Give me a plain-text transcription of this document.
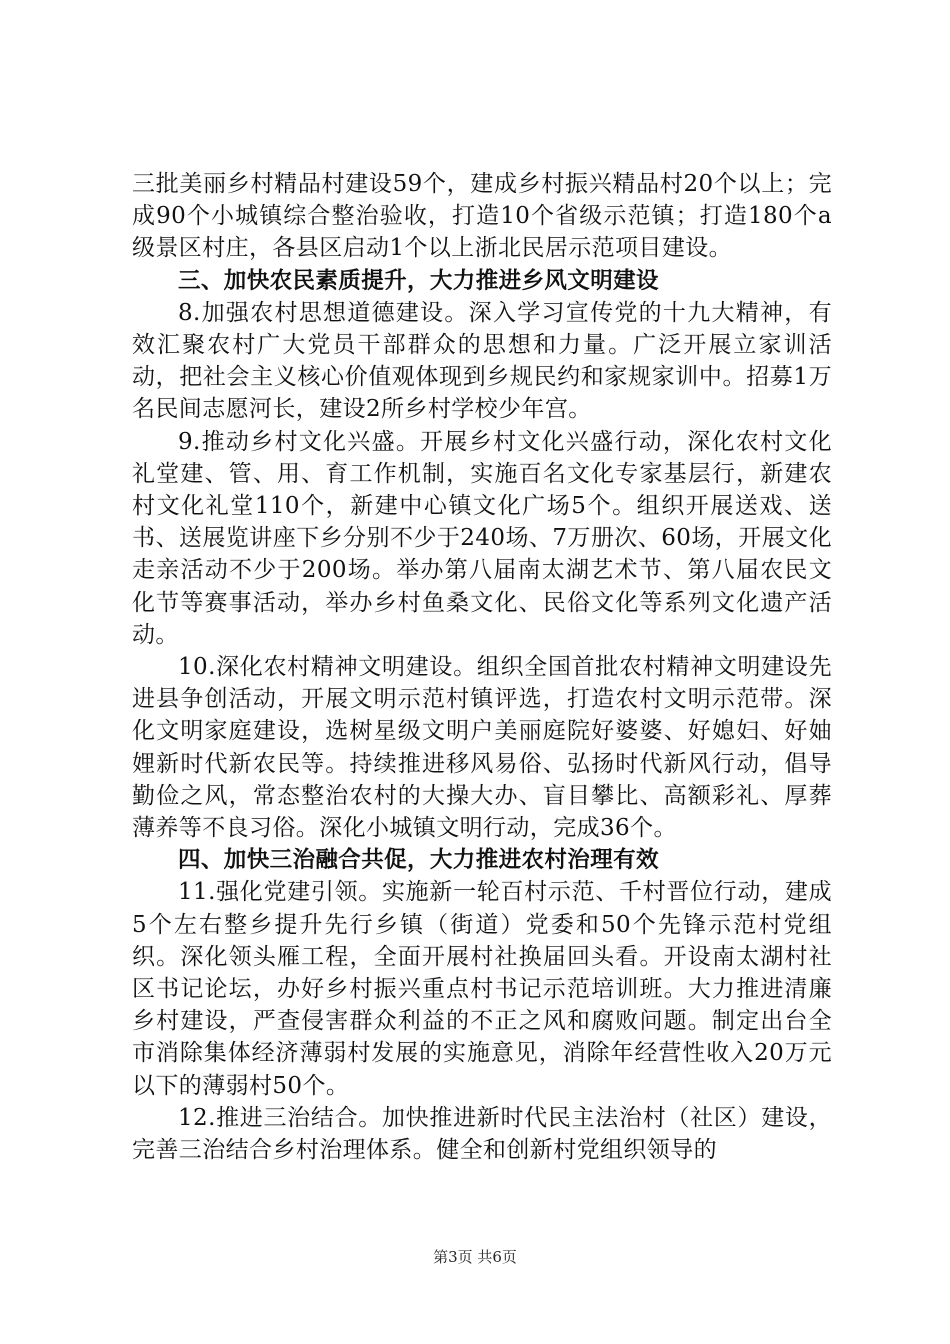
三批美丽乡村精品村建设59个，建成乡村振兴精品村20个以上；完成90个小城镇综合整治验收，打造10个省级示范镇；打造180个a级景区村庄，各县区启动1个以上浙北民居示范项目建设。

三、加快农民素质提升，大力推进乡风文明建设

8.加强农村思想道德建设。深入学习宣传党的十九大精神，有效汇聚农村广大党员干部群众的思想和力量。广泛开展立家训活动，把社会主义核心价值观体现到乡规民约和家规家训中。招募1万名民间志愿河长，建设2所乡村学校少年宫。

9.推动乡村文化兴盛。开展乡村文化兴盛行动，深化农村文化礼堂建、管、用、育工作机制，实施百名文化专家基层行，新建农村文化礼堂110个，新建中心镇文化广场5个。组织开展送戏、送书、送展览讲座下乡分别不少于240场、7万册次、60场，开展文化走亲活动不少于200场。举办第八届南太湖艺术节、第八届农民文化节等赛事活动，举办乡村鱼桑文化、民俗文化等系列文化遗产活动。

10.深化农村精神文明建设。组织全国首批农村精神文明建设先进县争创活动，开展文明示范村镇评选，打造农村文明示范带。深化文明家庭建设，选树星级文明户美丽庭院好婆婆、好媳妇、好妯娌新时代新农民等。持续推进移风易俗、弘扬时代新风行动，倡导勤俭之风，常态整治农村的大操大办、盲目攀比、高额彩礼、厚葬薄养等不良习俗。深化小城镇文明行动，完成36个。

四、加快三治融合共促，大力推进农村治理有效

11.强化党建引领。实施新一轮百村示范、千村晋位行动，建成5个左右整乡提升先行乡镇（街道）党委和50个先锋示范村党组织。深化领头雁工程，全面开展村社换届回头看。开设南太湖村社区书记论坛，办好乡村振兴重点村书记示范培训班。大力推进清廉乡村建设，严查侵害群众利益的不正之风和腐败问题。制定出台全市消除集体经济薄弱村发展的实施意见，消除年经营性收入20万元以下的薄弱村50个。

12.推进三治结合。加快推进新时代民主法治村（社区）建设，完善三治结合乡村治理体系。健全和创新村党组织领导的

第3页 共6页
